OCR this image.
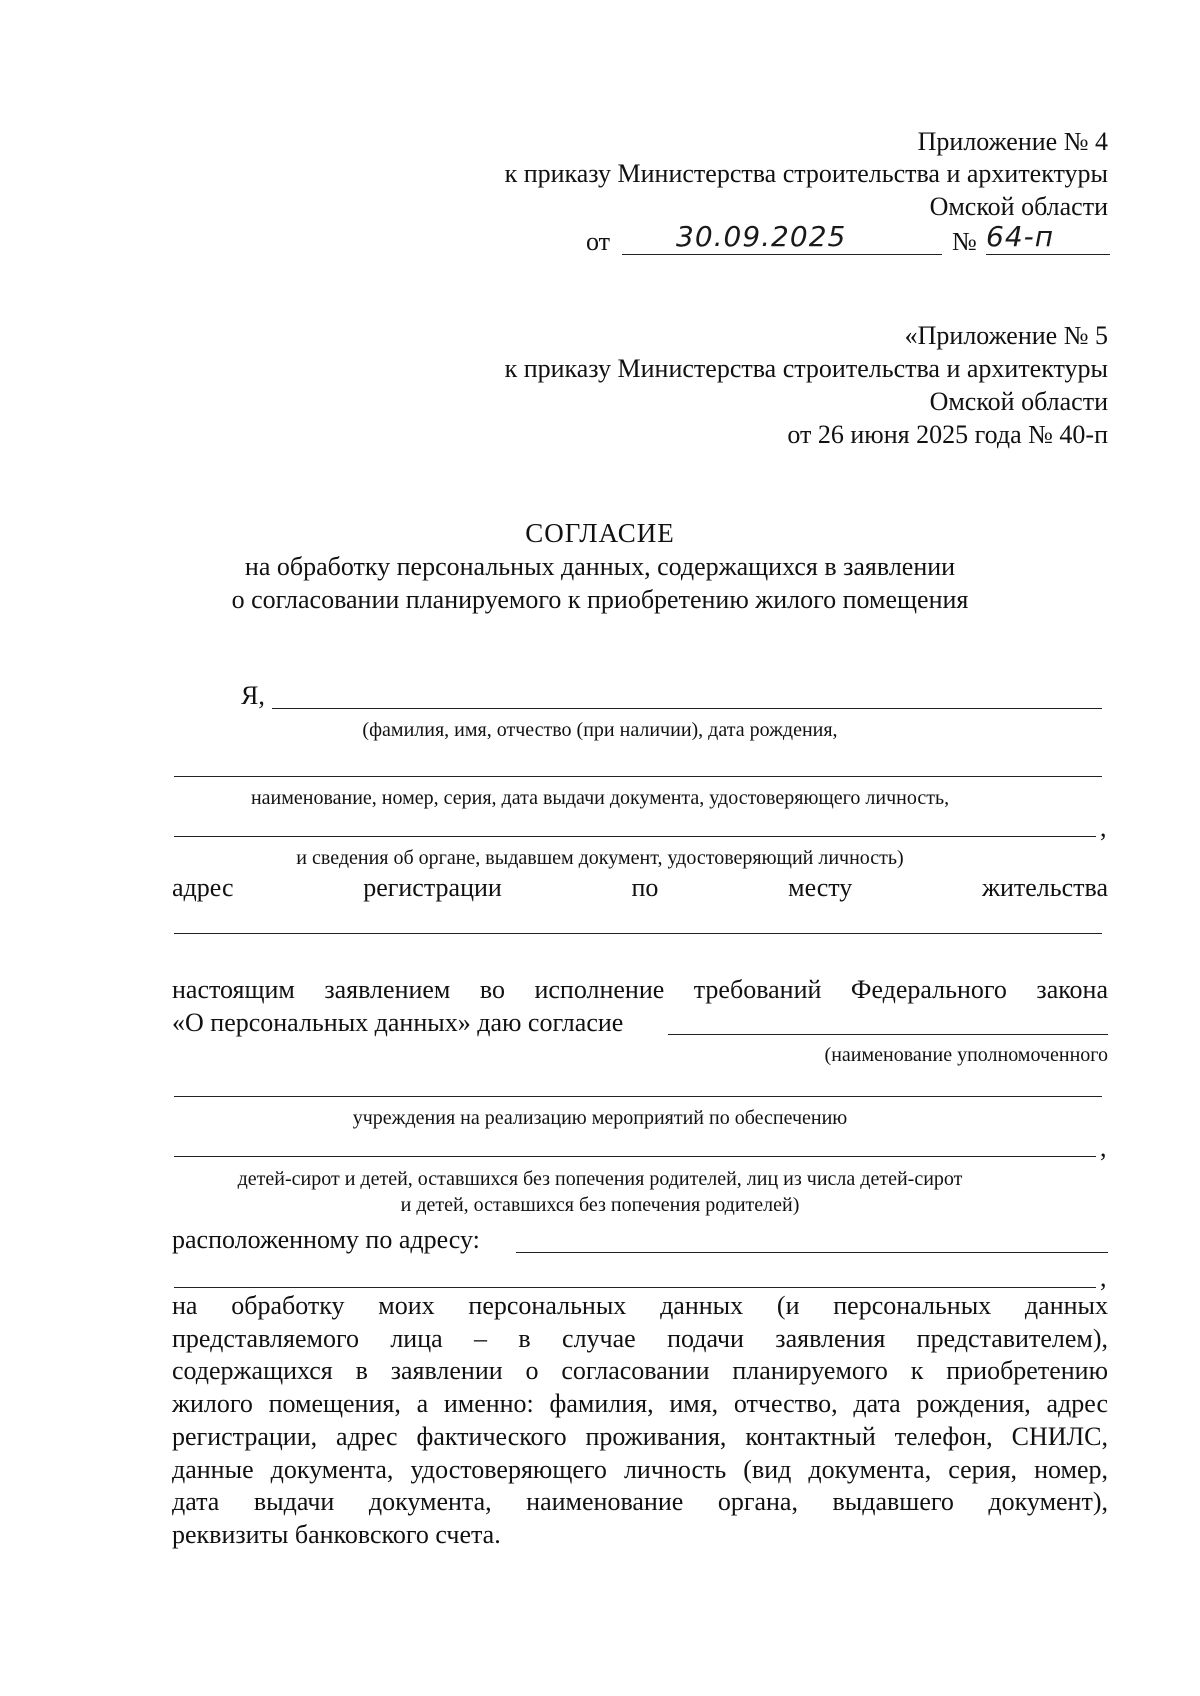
Приложение № 4
к приказу Министерства строительства и архитектуры
Омской области
от 30.09.2025	№ 64-п
«Приложение № 5
к приказу Министерства строительства и архитектуры
Омской области
от 26 июня 2025 года № 40-п
СОГЛАСИЕ
на обработку персональных данных, содержащихся в заявлении
о согласовании планируемого к приобретению жилого помещения
Я,
(фамилия, имя, отчество (при наличии), дата рождения,
наименование, номер, серия, дата выдачи документа, удостоверяющего личность,
,
и сведения об органе, выдавшем документ, удостоверяющий личность)
адрес	регистрации	по	месту	жительства
настоящим заявлением во исполнение требований Федерального закона
«О персональных данных» даю согласие
(наименование уполномоченного
учреждения на реализацию мероприятий по обеспечению
,
детей-сирот и детей, оставшихся без попечения родителей, лиц из числа детей-сирот
и детей, оставшихся без попечения родителей)
расположенному по адресу:
,
на обработку моих персональных данных (и персональных данных
представляемого лица – в случае подачи заявления представителем),
содержащихся в заявлении о согласовании планируемого к приобретению
жилого помещения, а именно: фамилия, имя, отчество, дата рождения, адрес
регистрации, адрес фактического проживания, контактный телефон, СНИЛС,
данные документа, удостоверяющего личность (вид документа, серия, номер,
дата выдачи документа, наименование органа, выдавшего документ),
реквизиты банковского счета.
